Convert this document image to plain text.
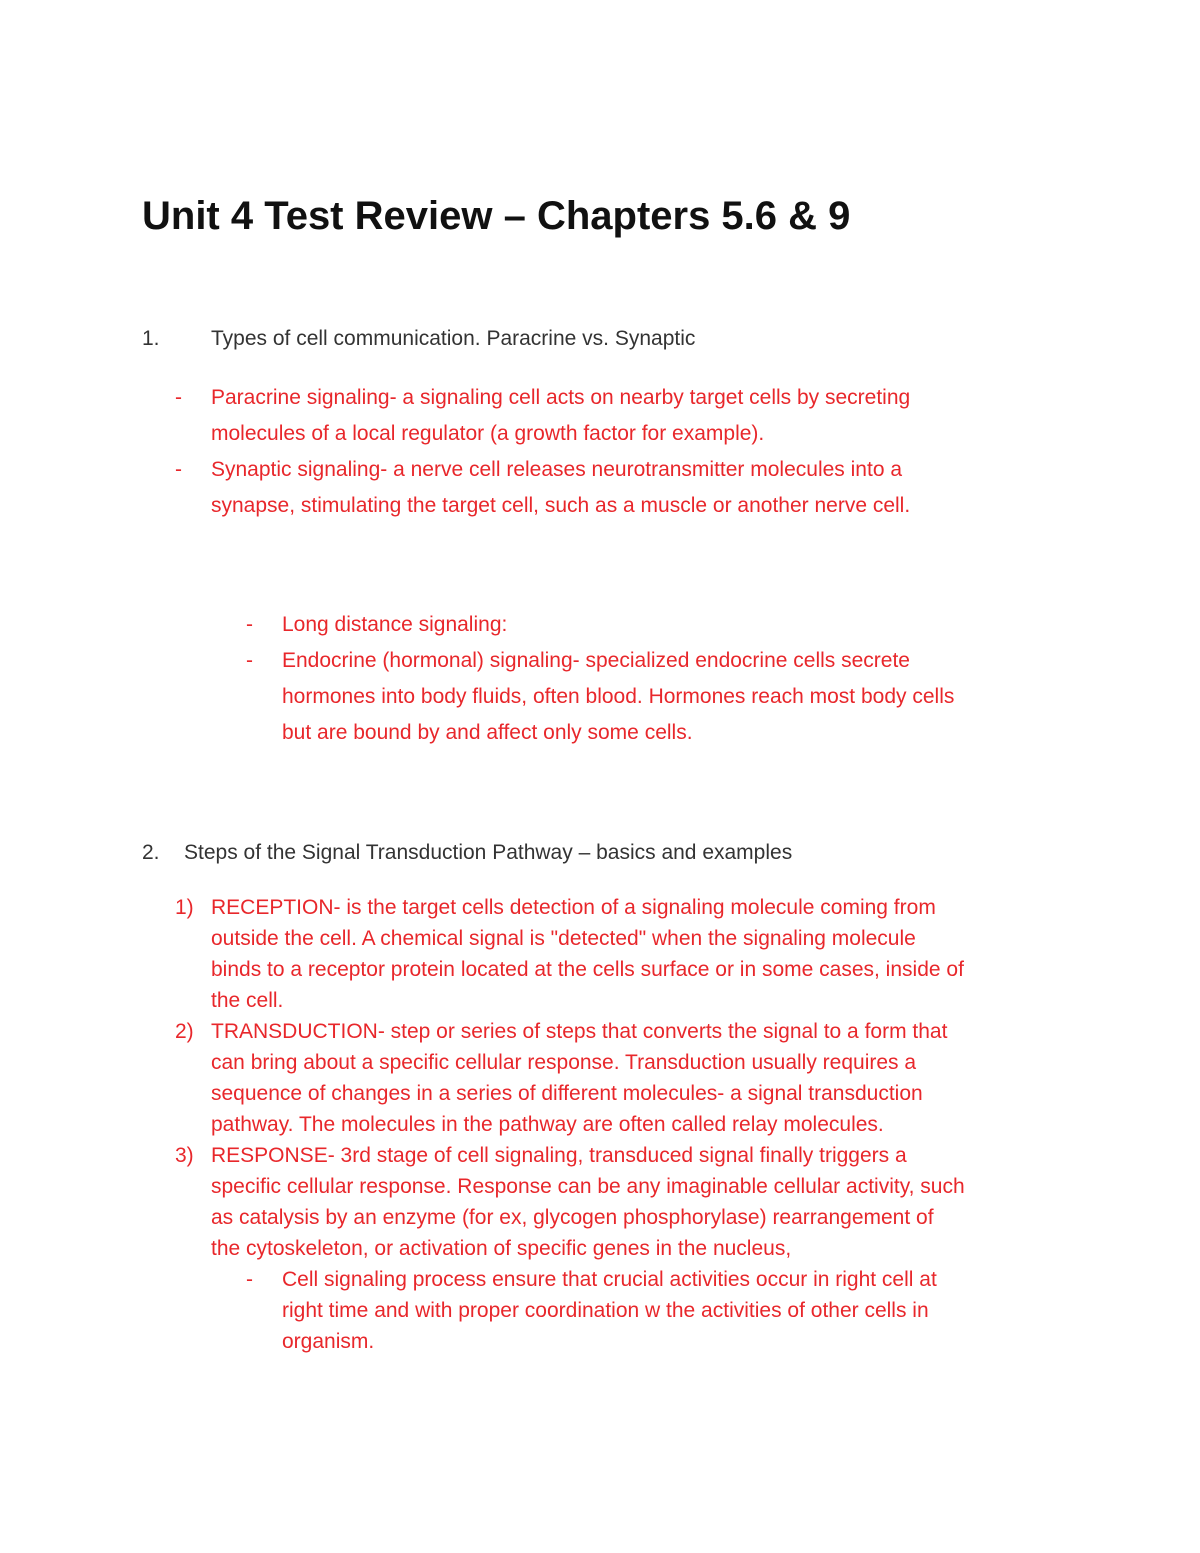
Unit 4 Test Review – Chapters 5.6 & 9
1. Types of cell communication. Paracrine vs. Synaptic
- Paracrine signaling- a signaling cell acts on nearby target cells by secreting
molecules of a local regulator (a growth factor for example).
- Synaptic signaling- a nerve cell releases neurotransmitter molecules into a
synapse, stimulating the target cell, such as a muscle or another nerve cell.
- Long distance signaling:
- Endocrine (hormonal) signaling- specialized endocrine cells secrete
hormones into body fluids, often blood. Hormones reach most body cells
but are bound by and affect only some cells.
2. Steps of the Signal Transduction Pathway – basics and examples
1) RECEPTION- is the target cells detection of a signaling molecule coming from
outside the cell. A chemical signal is "detected" when the signaling molecule
binds to a receptor protein located at the cells surface or in some cases, inside of
the cell.
2) TRANSDUCTION- step or series of steps that converts the signal to a form that
can bring about a specific cellular response. Transduction usually requires a
sequence of changes in a series of different molecules- a signal transduction
pathway. The molecules in the pathway are often called relay molecules.
3) RESPONSE- 3rd stage of cell signaling, transduced signal finally triggers a
specific cellular response. Response can be any imaginable cellular activity, such
as catalysis by an enzyme (for ex, glycogen phosphorylase) rearrangement of
the cytoskeleton, or activation of specific genes in the nucleus,
- Cell signaling process ensure that crucial activities occur in right cell at
right time and with proper coordination w the activities of other cells in
organism.
